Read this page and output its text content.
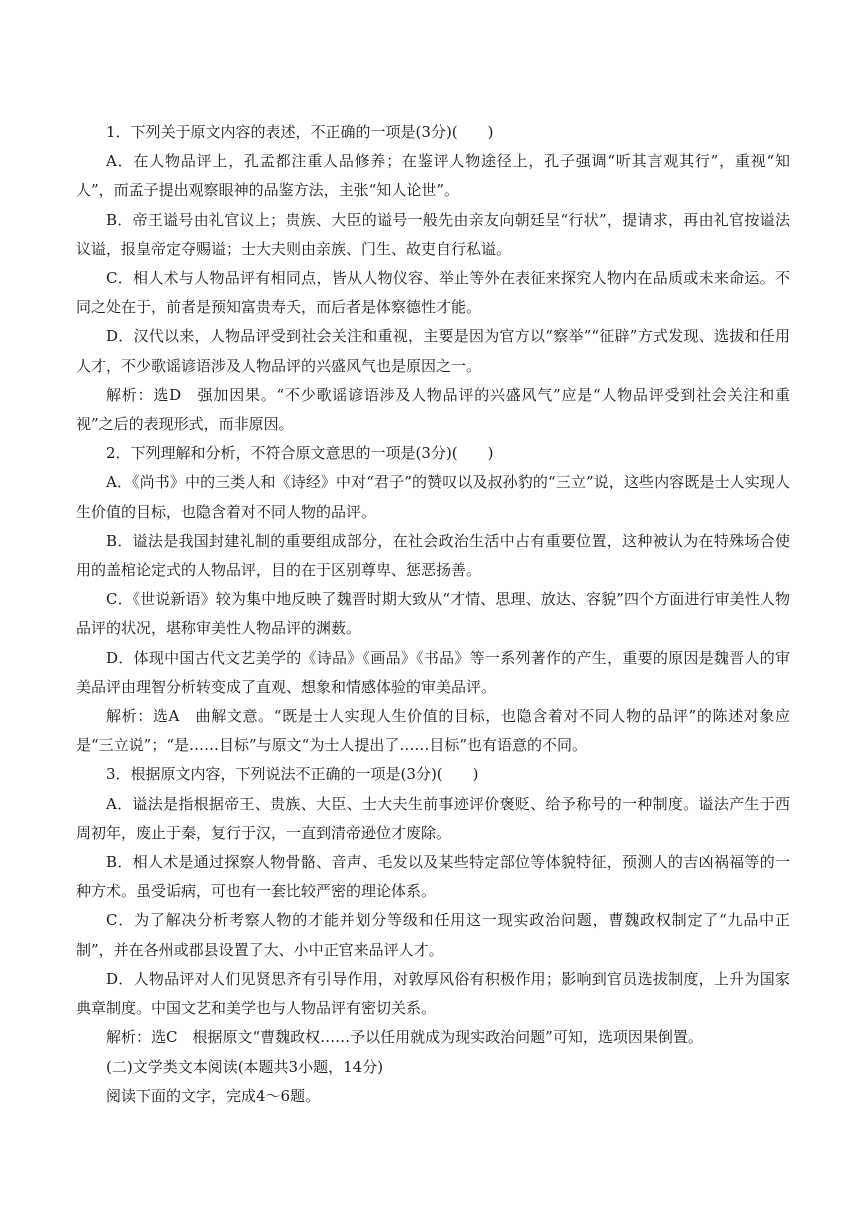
1．下列关于原文内容的表述，不正确的一项是(3分)(　　)

A．在人物品评上，孔孟都注重人品修养；在鉴评人物途径上，孔子强调“听其言观其行”，重视“知人”，而孟子提出观察眼神的品鉴方法，主张“知人论世”。

B．帝王谥号由礼官议上；贵族、大臣的谥号一般先由亲友向朝廷呈“行状”，提请求，再由礼官按谥法议谥，报皇帝定夺赐谥；士大夫则由亲族、门生、故吏自行私谥。

C．相人术与人物品评有相同点，皆从人物仪容、举止等外在表征来探究人物内在品质或未来命运。不同之处在于，前者是预知富贵寿夭，而后者是体察德性才能。

D．汉代以来，人物品评受到社会关注和重视，主要是因为官方以“察举”“征辟”方式发现、选拔和任用人才，不少歌谣谚语涉及人物品评的兴盛风气也是原因之一。

解析：选D　强加因果。“不少歌谣谚语涉及人物品评的兴盛风气”应是“人物品评受到社会关注和重视”之后的表现形式，而非原因。

2．下列理解和分析，不符合原文意思的一项是(3分)(　　)

A．《尚书》中的三类人和《诗经》中对“君子”的赞叹以及叔孙豹的“三立”说，这些内容既是士人实现人生价值的目标，也隐含着对不同人物的品评。

B．谥法是我国封建礼制的重要组成部分，在社会政治生活中占有重要位置，这种被认为在特殊场合使用的盖棺论定式的人物品评，目的在于区别尊卑、惩恶扬善。

C．《世说新语》较为集中地反映了魏晋时期大致从“才情、思理、放达、容貌”四个方面进行审美性人物品评的状况，堪称审美性人物品评的渊薮。

D．体现中国古代文艺美学的《诗品》《画品》《书品》等一系列著作的产生，重要的原因是魏晋人的审美品评由理智分析转变成了直观、想象和情感体验的审美品评。

解析：选A　曲解文意。“既是士人实现人生价值的目标，也隐含着对不同人物的品评”的陈述对象应是“三立说”；“是……目标”与原文“为士人提出了……目标”也有语意的不同。

3．根据原文内容，下列说法不正确的一项是(3分)(　　)

A．谥法是指根据帝王、贵族、大臣、士大夫生前事迹评价褒贬、给予称号的一种制度。谥法产生于西周初年，废止于秦，复行于汉，一直到清帝逊位才废除。

B．相人术是通过探察人物骨骼、音声、毛发以及某些特定部位等体貌特征，预测人的吉凶祸福等的一种方术。虽受诟病，可也有一套比较严密的理论体系。

C．为了解决分析考察人物的才能并划分等级和任用这一现实政治问题，曹魏政权制定了“九品中正制”，并在各州或郡县设置了大、小中正官来品评人才。

D．人物品评对人们见贤思齐有引导作用，对敦厚风俗有积极作用；影响到官员选拔制度，上升为国家典章制度。中国文艺和美学也与人物品评有密切关系。

解析：选C　根据原文“曹魏政权……予以任用就成为现实政治问题”可知，选项因果倒置。

(二)文学类文本阅读(本题共3小题，14分)

阅读下面的文字，完成4～6题。
